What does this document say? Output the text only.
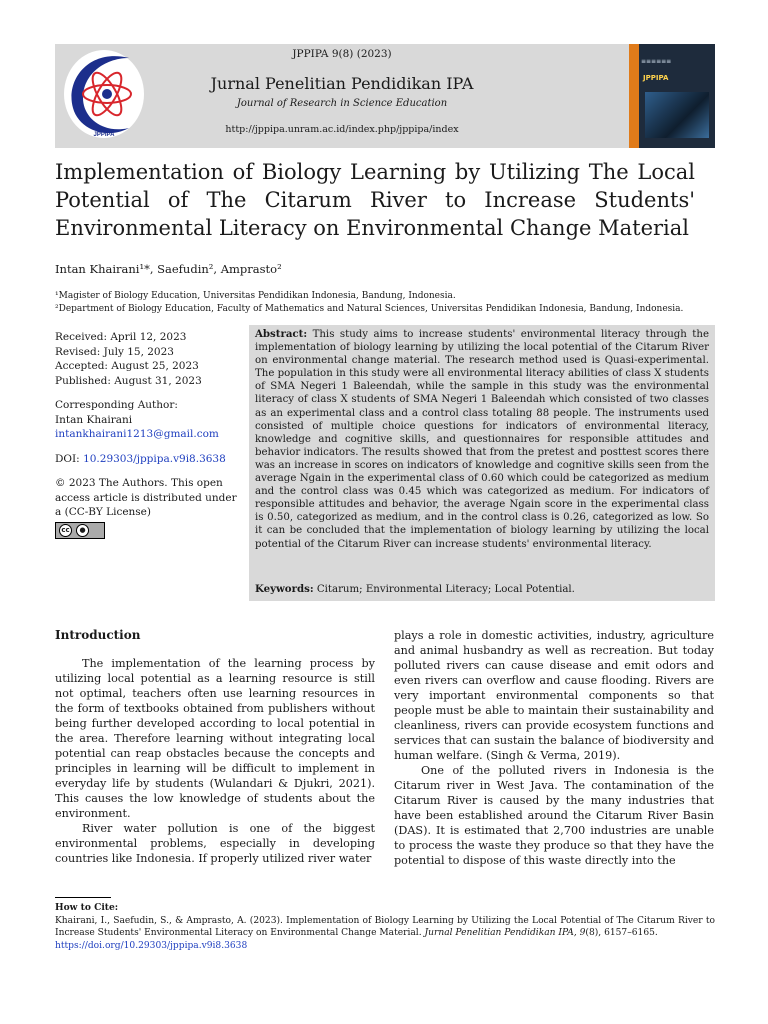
JPPIPA
JPPIPA 9(8) (2023)
Jurnal Penelitian Pendidikan IPA
Journal of Research in Science Education
http://jppipa.unram.ac.id/index.php/jppipa/index
≡≡≡≡≡≡
JPPIPA
Implementation of Biology Learning by Utilizing The Local Potential of The Citarum River to Increase Students' Environmental Literacy on Environmental Change Material
Intan Khairani¹*, Saefudin², Amprasto²
¹Magister of Biology Education, Universitas Pendidikan Indonesia, Bandung, Indonesia.
²Department of Biology Education, Faculty of Mathematics and Natural Sciences, Universitas Pendidikan Indonesia, Bandung, Indonesia.
Received: April 12, 2023
Revised: July 15, 2023
Accepted: August 25, 2023
Published: August 31, 2023
Corresponding Author:
Intan Khairani
intankhairani1213@gmail.com
DOI: 10.29303/jppipa.v9i8.3638
© 2023 The Authors. This open access article is distributed under a (CC-BY License)
cc	●
Abstract: This study aims to increase students' environmental literacy through the implementation of biology learning by utilizing the local potential of the Citarum River on environmental change material. The research method used is Quasi-experimental. The population in this study were all environmental literacy abilities of class X students of SMA Negeri 1 Baleendah, while the sample in this study was the environmental literacy of class X students of SMA Negeri 1 Baleendah which consisted of two classes as an experimental class and a control class totaling 88 people. The instruments used consisted of multiple choice questions for indicators of environmental literacy, knowledge and cognitive skills, and questionnaires for responsible attitudes and behavior indicators. The results showed that from the pretest and posttest scores there was an increase in scores on indicators of knowledge and cognitive skills seen from the average Ngain in the experimental class of 0.60 which could be categorized as medium and the control class was 0.45 which was categorized as medium. For indicators of responsible attitudes and behavior, the average Ngain score in the experimental class is 0.50, categorized as medium, and in the control class is 0.26, categorized as low. So it can be concluded that the implementation of biology learning by utilizing the local potential of the Citarum River can increase students' environmental literacy.
Keywords: Citarum; Environmental Literacy; Local Potential.
Introduction

The implementation of the learning process by utilizing local potential as a learning resource is still not optimal, teachers often use learning resources in the form of textbooks obtained from publishers without being further developed according to local potential in the area. Therefore learning without integrating local potential can reap obstacles because the concepts and principles in learning will be difficult to implement in everyday life by students (Wulandari & Djukri, 2021). This causes the low knowledge of students about the environment.

River water pollution is one of the biggest environmental problems, especially in developing countries like Indonesia. If properly utilized river water

plays a role in domestic activities, industry, agriculture and animal husbandry as well as recreation. But today polluted rivers can cause disease and emit odors and even rivers can overflow and cause flooding. Rivers are very important environmental components so that people must be able to maintain their sustainability and cleanliness, rivers can provide ecosystem functions and services that can sustain the balance of biodiversity and human welfare. (Singh & Verma, 2019).

One of the polluted rivers in Indonesia is the Citarum river in West Java. The contamination of the Citarum River is caused by the many industries that have been established around the Citarum River Basin (DAS). It is estimated that 2,700 industries are unable to process the waste they produce so that they have the potential to dispose of this waste directly into the

How to Cite:
Khairani, I., Saefudin, S., & Amprasto, A. (2023). Implementation of Biology Learning by Utilizing the Local Potential of The Citarum River to Increase Students' Environmental Literacy on Environmental Change Material. Jurnal Penelitian Pendidikan IPA, 9(8), 6157–6165.
https://doi.org/10.29303/jppipa.v9i8.3638
